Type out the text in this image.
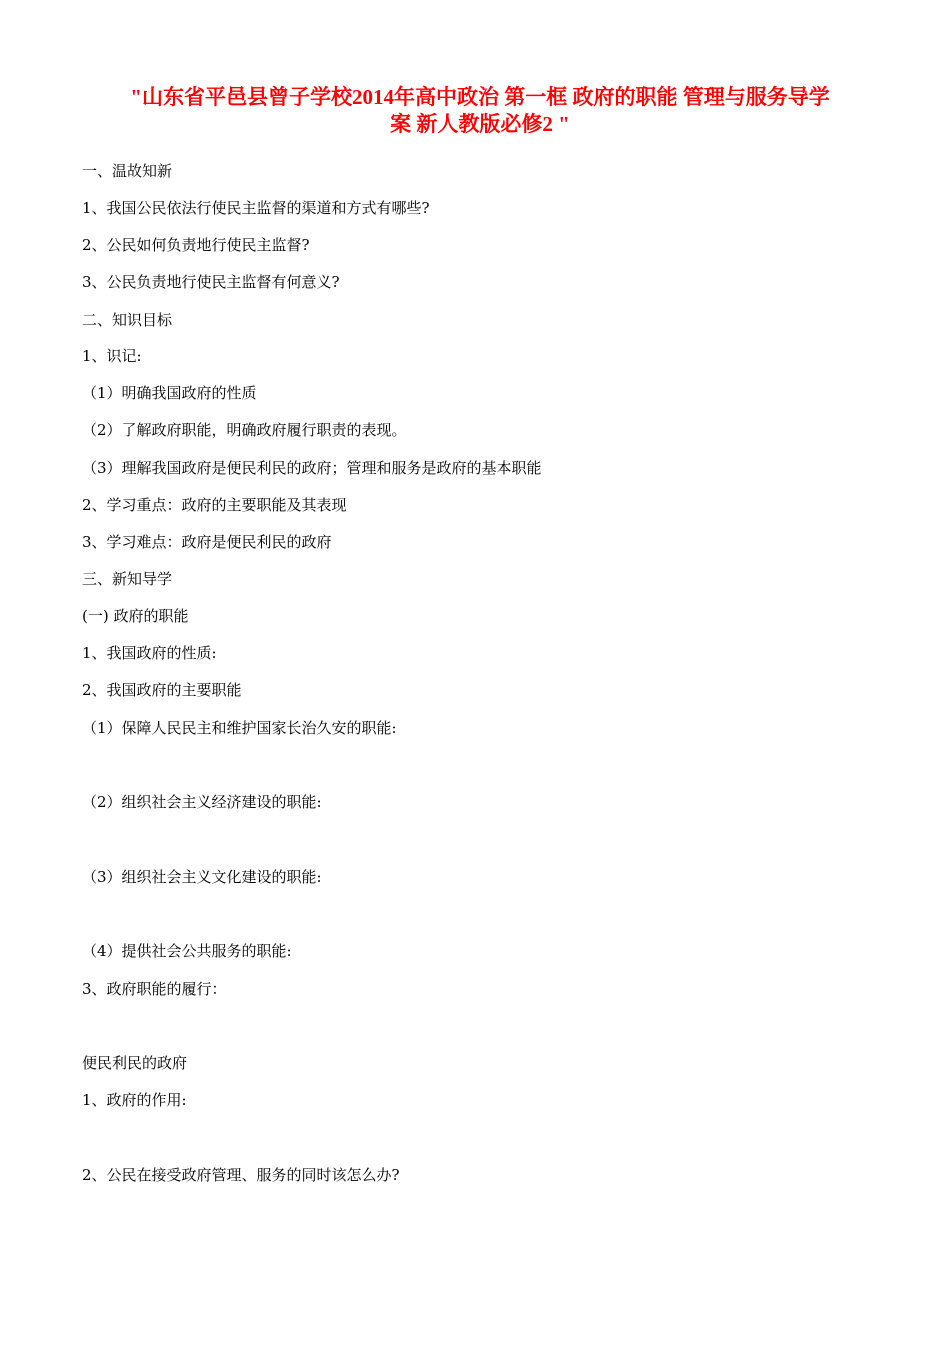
"山东省平邑县曾子学校2014年高中政治 第一框 政府的职能 管理与服务导学
案 新人教版必修2 "
一、温故知新
1、我国公民依法行使民主监督的渠道和方式有哪些?
2、公民如何负责地行使民主监督?
3、公民负责地行使民主监督有何意义?
二、知识目标
1、识记:
（1）明确我国政府的性质
（2）了解政府职能，明确政府履行职责的表现。
（3）理解我国政府是便民利民的政府；管理和服务是政府的基本职能
2、学习重点：政府的主要职能及其表现
3、学习难点：政府是便民利民的政府
三、新知导学
(一) 政府的职能
1、我国政府的性质:
2、我国政府的主要职能
（1）保障人民民主和维护国家长治久安的职能:
（2）组织社会主义经济建设的职能:
（3）组织社会主义文化建设的职能:
（4）提供社会公共服务的职能:
3、政府职能的履行：
便民利民的政府
1、政府的作用:
2、公民在接受政府管理、服务的同时该怎么办?
